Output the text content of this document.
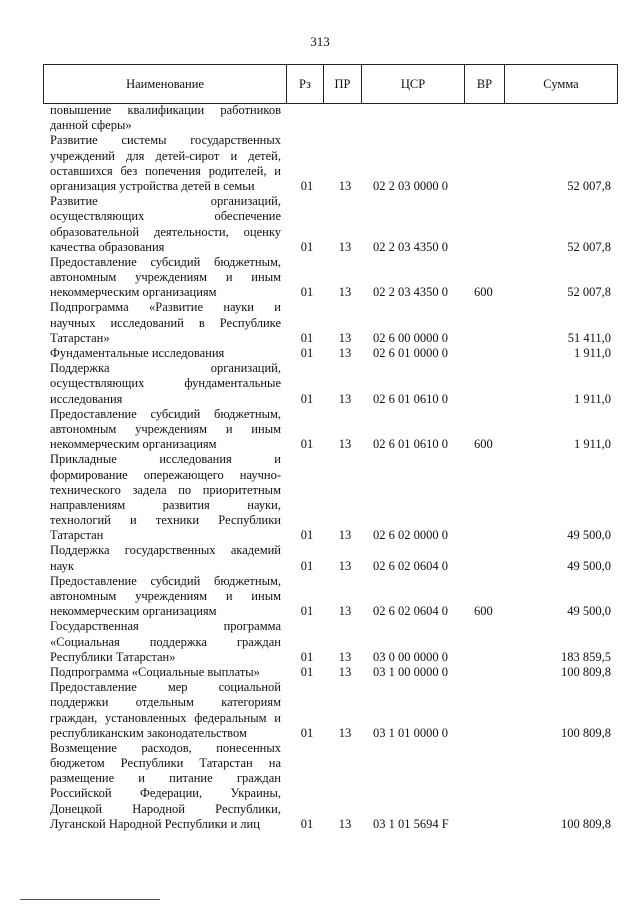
313
Наименование	Рз	ПР	ЦСР	ВР	Сумма
повышение квалификации работников
данной сферы»
Развитие системы государственных
учреждений для детей-сирот и детей,
оставшихся без попечения родителей, и
организация устройства детей в семьи	01 13 02 2 03 0000 0	52 007,8
Развитие организаций,
осуществляющих обеспечение
образовательной деятельности, оценку
качества образования	01 13 02 2 03 4350 0	52 007,8
Предоставление субсидий бюджетным,
автономным учреждениям и иным
некоммерческим организациям	01 13 02 2 03 4350 0	600	52 007,8
Подпрограмма «Развитие науки и
научных исследований в Республике
Татарстан»	01 13 02 6 00 0000 0	51 411,0
Фундаментальные исследования	01 13 02 6 01 0000 0	1 911,0
Поддержка организаций,
осуществляющих фундаментальные
исследования	01 13 02 6 01 0610 0	1 911,0
Предоставление субсидий бюджетным,
автономным учреждениям и иным
некоммерческим организациям	01 13 02 6 01 0610 0	600	1 911,0
Прикладные исследования и
формирование опережающего научно-
технического задела по приоритетным
направлениям развития науки,
технологий и техники Республики
Татарстан	01 13 02 6 02 0000 0	49 500,0
Поддержка государственных академий
наук	01 13 02 6 02 0604 0	49 500,0
Предоставление субсидий бюджетным,
автономным учреждениям и иным
некоммерческим организациям	01 13 02 6 02 0604 0	600	49 500,0
Государственная программа
«Социальная поддержка граждан
Республики Татарстан»	01 13 03 0 00 0000 0	183 859,5
Подпрограмма «Социальные выплаты»	01 13 03 1 00 0000 0	100 809,8
Предоставление мер социальной
поддержки отдельным категориям
граждан, установленных федеральным и
республиканским законодательством	01 13 03 1 01 0000 0	100 809,8
Возмещение расходов, понесенных
бюджетом Республики Татарстан на
размещение и питание граждан
Российской Федерации, Украины,
Донецкой Народной Республики,
Луганской Народной Республики и лиц	01 13 03 1 01 5694 F	100 809,8
